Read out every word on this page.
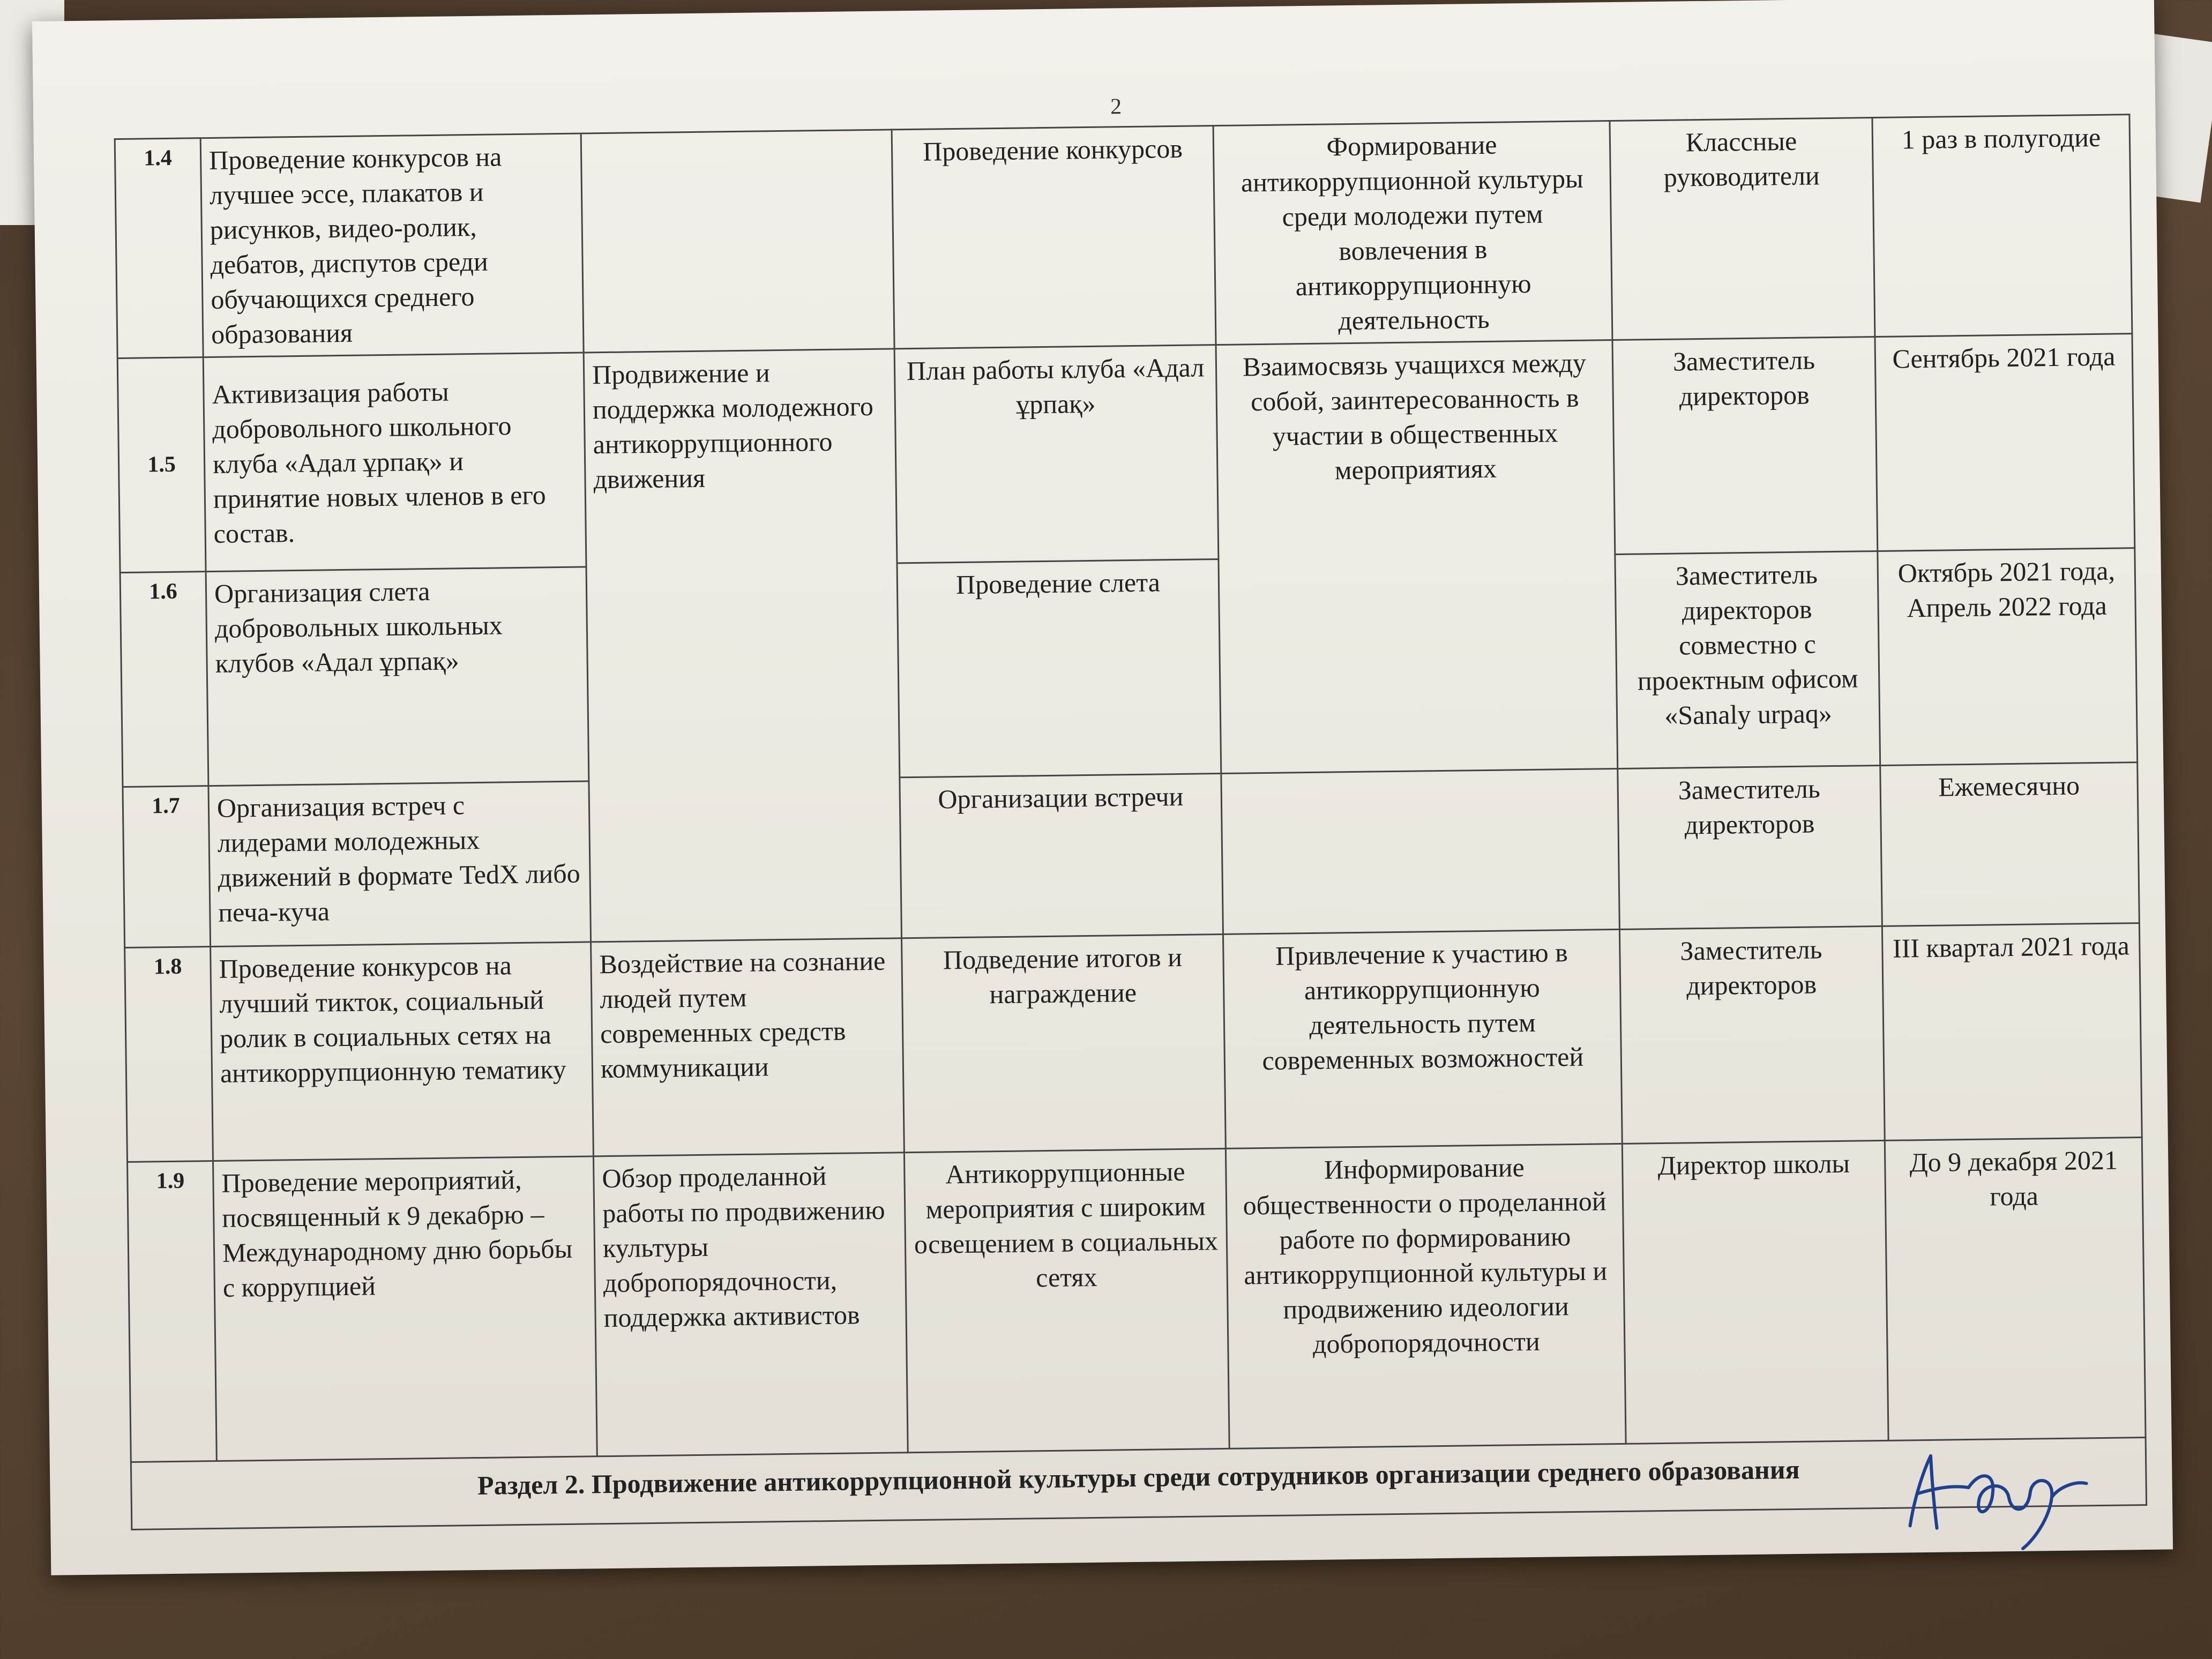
2
1.4	Проведение конкурсов на лучшее эссе, плакатов и рисунков, видео-ролик, дебатов, диспутов среди обучающихся среднего образования		Проведение конкурсов	Формирование антикоррупционной культуры среди молодежи путем вовлечения в антикоррупционную деятельность	Классные руководители	1 раз в полугодие
1.5	Активизация работы добровольного школьного клуба «Адал ұрпақ» и принятие новых членов в его состав.	Продвижение и поддержка молодежного антикоррупционного движения	План работы клуба «Адал ұрпақ»	Взаимосвязь учащихся между собой, заинтересованность в участии в общественных мероприятиях	Заместитель директоров	Сентябрь 2021 года
1.6	Организация слета добровольных школьных клубов «Адал ұрпақ»		Проведение слета		Заместитель директоров совместно с проектным офисом «Sanaly urpaq»	Октябрь 2021 года, Апрель 2022 года
1.7	Организация встреч с лидерами молодежных движений в формате TedX либо печа-куча		Организации встречи		Заместитель директоров	Ежемесячно
1.8	Проведение конкурсов на лучший тикток, социальный ролик в социальных сетях на антикоррупционную тематику	Воздействие на сознание людей путем современных средств коммуникации	Подведение итогов и награждение	Привлечение к участию в антикоррупционную деятельность путем современных возможностей	Заместитель директоров	III квартал 2021 года
1.9	Проведение мероприятий, посвященный к 9 декабрю – Международному дню борьбы с коррупцией	Обзор проделанной работы по продвижению культуры добропорядочности, поддержка активистов	Антикоррупционные мероприятия с широким освещением в социальных сетях	Информирование общественности о проделанной работе по формированию антикоррупционной культуры и продвижению идеологии добропорядочности	Директор школы	До 9 декабря 2021 года
Раздел 2. Продвижение антикоррупционной культуры среди сотрудников организации среднего образования						
